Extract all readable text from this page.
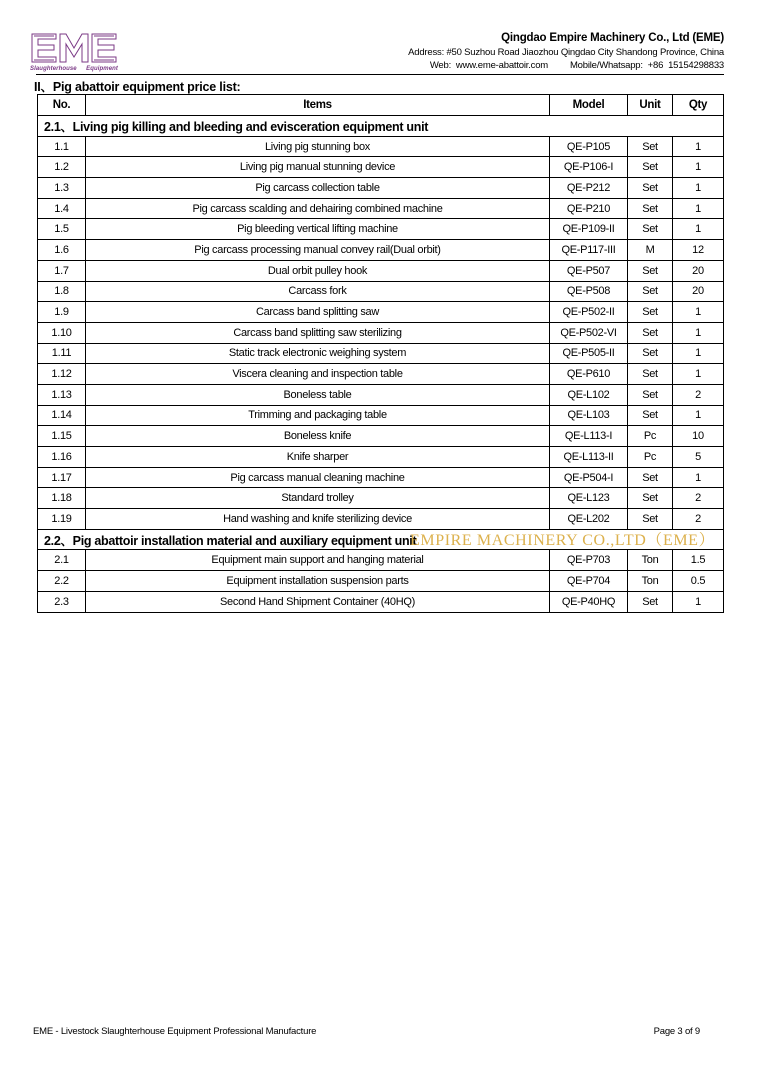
Slaughterhouse Equipment
Qingdao Empire Machinery Co., Ltd (EME)
Address: #50 Suzhou Road Jiaozhou Qingdao City Shandong Province, China
Web:  www.eme-abattoir.com Mobile/Whatsapp:  +86  15154298833
II、Pig abattoir equipment price list:
No.	Items	Model	Unit	Qty
2.1、Living pig killing and bleeding and evisceration equipment unit				
1.1	Living pig stunning box	QE-P105	Set	1
1.2	Living pig manual stunning device	QE-P106-I	Set	1
1.3	Pig carcass collection table	QE-P212	Set	1
1.4	Pig carcass scalding and dehairing combined machine	QE-P210	Set	1
1.5	Pig bleeding vertical lifting machine	QE-P109-II	Set	1
1.6	Pig carcass processing manual convey rail(Dual orbit)	QE-P117-III	M	12
1.7	Dual orbit pulley hook	QE-P507	Set	20
1.8	Carcass fork	QE-P508	Set	20
1.9	Carcass band splitting saw	QE-P502-II	Set	1
1.10	Carcass band splitting saw sterilizing	QE-P502-VI	Set	1
1.11	Static track electronic weighing system	QE-P505-II	Set	1
1.12	Viscera cleaning and inspection table	QE-P610	Set	1
1.13	Boneless table	QE-L102	Set	2
1.14	Trimming and packaging table	QE-L103	Set	1
1.15	Boneless knife	QE-L113-I	Pc	10
1.16	Knife sharper	QE-L113-II	Pc	5
1.17	Pig carcass manual cleaning machine	QE-P504-I	Set	1
1.18	Standard trolley	QE-L123	Set	2
1.19	Hand washing and knife sterilizing device	QE-L202	Set	2
2.2、Pig abattoir installation material and auxiliary equipment unit				
2.1	Equipment main support and hanging material	QE-P703	Ton	1.5
2.2	Equipment installation suspension parts	QE-P704	Ton	0.5
2.3	Second Hand Shipment Container (40HQ)	QE-P40HQ	Set	1
EMPIRE MACHINERY CO.,LTD（EME）
EME - Livestock Slaughterhouse Equipment Professional Manufacture	Page 3 of 9
